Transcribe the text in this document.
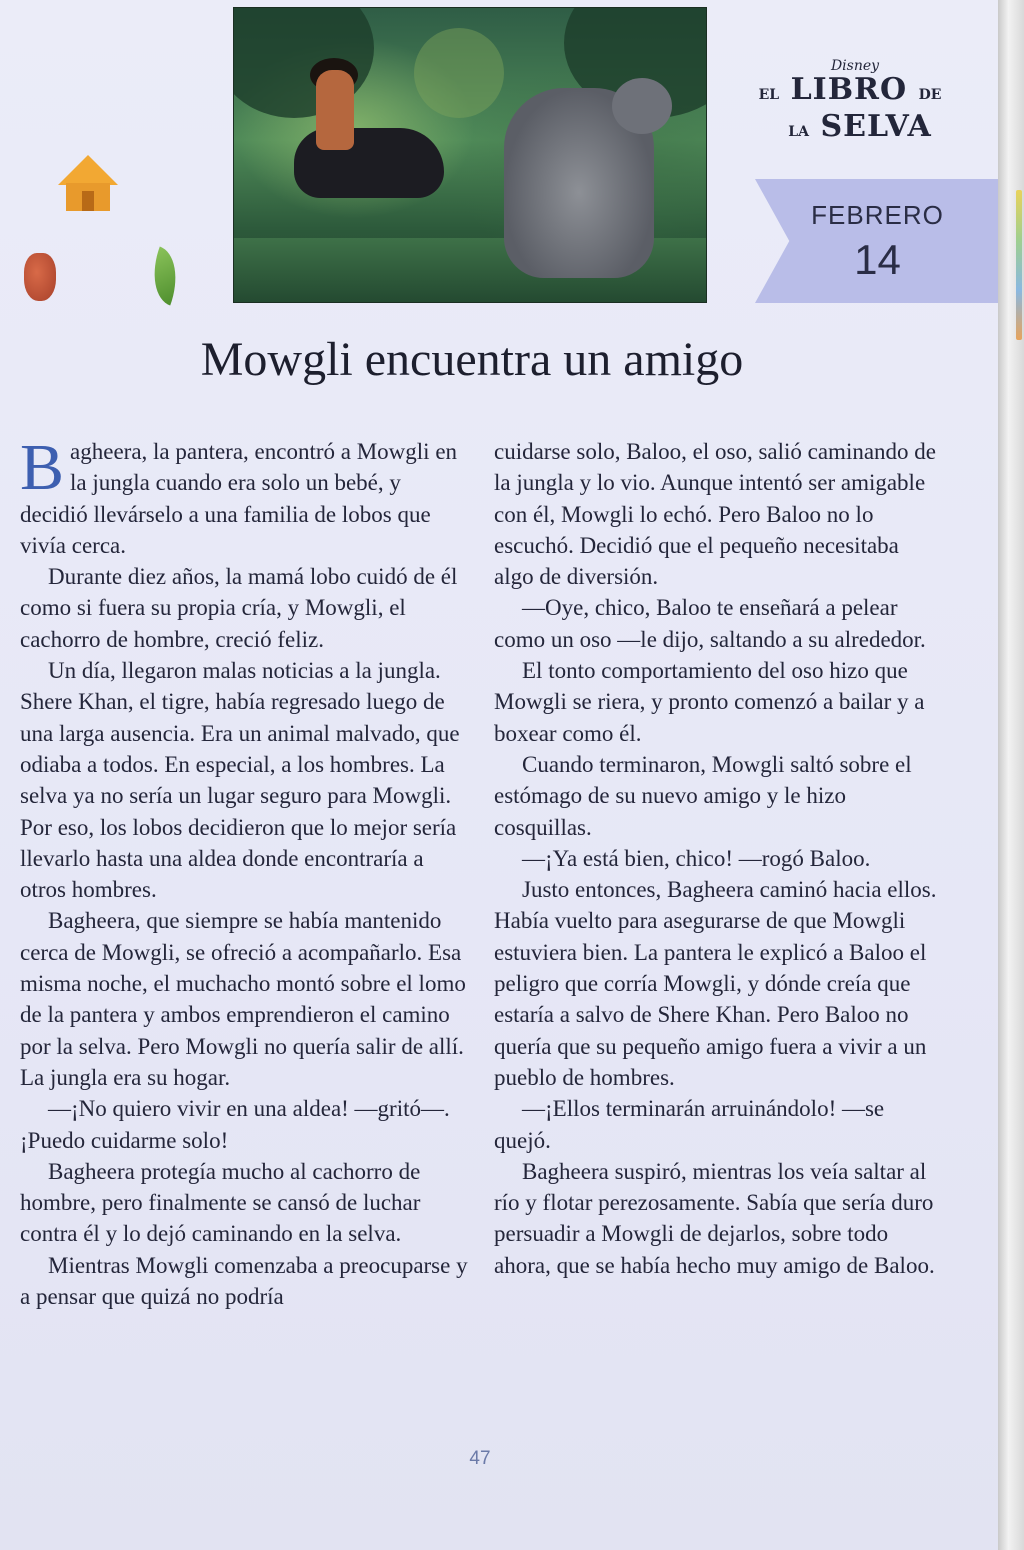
Disney
EL LIBRO DE
LA SELVA
FEBRERO
14
Mowgli encuentra un amigo

Bagheera, la pantera, encontró a Mowgli en la jungla cuando era solo un bebé, y decidió llevárselo a una familia de lobos que vivía cerca.

Durante diez años, la mamá lobo cuidó de él como si fuera su propia cría, y Mowgli, el cachorro de hombre, creció feliz.

Un día, llegaron malas noticias a la jungla. Shere Khan, el tigre, había regresado luego de una larga ausencia. Era un animal malvado, que odiaba a todos. En especial, a los hombres. La selva ya no sería un lugar seguro para Mowgli. Por eso, los lobos decidieron que lo mejor sería llevarlo hasta una aldea donde encontraría a otros hombres.

Bagheera, que siempre se había mantenido cerca de Mowgli, se ofreció a acompañarlo. Esa misma noche, el muchacho montó sobre el lomo de la pantera y ambos emprendieron el camino por la selva. Pero Mowgli no quería salir de allí. La jungla era su hogar.

—¡No quiero vivir en una aldea! —gritó—. ¡Puedo cuidarme solo!

Bagheera protegía mucho al cachorro de hombre, pero finalmente se cansó de luchar contra él y lo dejó caminando en la selva.

Mientras Mowgli comenzaba a preocuparse y a pensar que quizá no podría

cuidarse solo, Baloo, el oso, salió caminando de la jungla y lo vio. Aunque intentó ser amigable con él, Mowgli lo echó. Pero Baloo no lo escuchó. Decidió que el pequeño necesitaba algo de diversión.

—Oye, chico, Baloo te enseñará a pelear como un oso —le dijo, saltando a su alrededor.

El tonto comportamiento del oso hizo que Mowgli se riera, y pronto comenzó a bailar y a boxear como él.

Cuando terminaron, Mowgli saltó sobre el estómago de su nuevo amigo y le hizo cosquillas.

—¡Ya está bien, chico! —rogó Baloo.

Justo entonces, Bagheera caminó hacia ellos. Había vuelto para asegurarse de que Mowgli estuviera bien. La pantera le explicó a Baloo el peligro que corría Mowgli, y dónde creía que estaría a salvo de Shere Khan. Pero Baloo no quería que su pequeño amigo fuera a vivir a un pueblo de hombres.

—¡Ellos terminarán arruinándolo! —se quejó.

Bagheera suspiró, mientras los veía saltar al río y flotar perezosamente. Sabía que sería duro persuadir a Mowgli de dejarlos, sobre todo ahora, que se había hecho muy amigo de Baloo.

47
